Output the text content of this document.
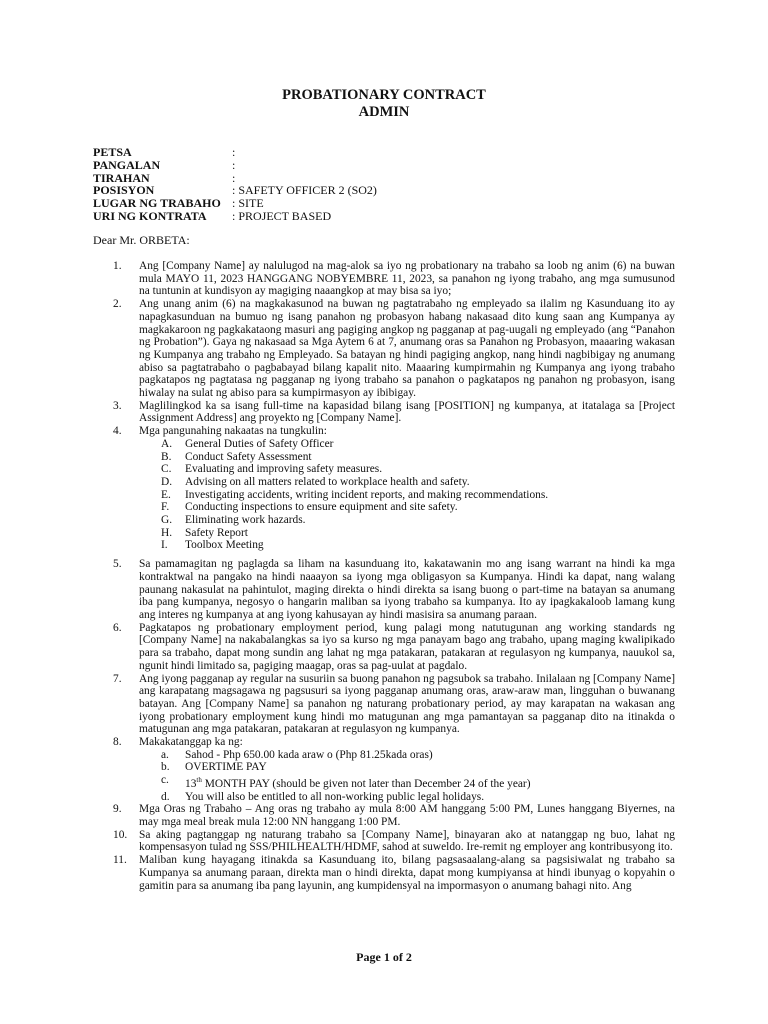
PROBATIONARY CONTRACT
ADMIN
PETSA	:
PANGALAN	:
TIRAHAN	:
POSISYON	: SAFETY OFFICER 2 (SO2)
LUGAR NG TRABAHO : SITE
URI NG KONTRATA	: PROJECT BASED
Dear Mr. ORBETA:
1. Ang [Company Name] ay nalulugod na mag-alok sa iyo ng probationary na trabaho sa loob ng anim (6) na buwan mula MAYO 11, 2023 HANGGANG NOBYEMBRE 11, 2023, sa panahon ng iyong trabaho, ang mga sumusunod na tuntunin at kundisyon ay magiging naaangkop at may bisa sa iyo;
2. Ang unang anim (6) na magkakasunod na buwan ng pagtatrabaho ng empleyado sa ilalim ng Kasunduang ito ay napagkasunduan na bumuo ng isang panahon ng probasyon habang nakasaad dito kung saan ang Kumpanya ay magkakaroon ng pagkakataong masuri ang pagiging angkop ng pagganap at pag-uugali ng empleyado (ang “Panahon ng Probation”). Gaya ng nakasaad sa Mga Aytem 6 at 7, anumang oras sa Panahon ng Probasyon, maaaring wakasan ng Kumpanya ang trabaho ng Empleyado. Sa batayan ng hindi pagiging angkop, nang hindi nagbibigay ng anumang abiso sa pagtatrabaho o pagbabayad bilang kapalit nito. Maaaring kumpirmahin ng Kumpanya ang iyong trabaho pagkatapos ng pagtatasa ng pagganap ng iyong trabaho sa panahon o pagkatapos ng panahon ng probasyon, isang hiwalay na sulat ng abiso para sa kumpirmasyon ay ibibigay.
3. Maglilingkod ka sa isang full-time na kapasidad bilang isang [POSITION] ng kumpanya, at itatalaga sa [Project Assignment Address] ang proyekto ng [Company Name].
4. Mga pangunahing nakaatas na tungkulin:
A. General Duties of Safety Officer
B. Conduct Safety Assessment
C. Evaluating and improving safety measures.
D. Advising on all matters related to workplace health and safety.
E. Investigating accidents, writing incident reports, and making recommendations.
F. Conducting inspections to ensure equipment and site safety.
G. Eliminating work hazards.
H. Safety Report
I. Toolbox Meeting
5. Sa pamamagitan ng paglagda sa liham na kasunduang ito, kakatawanin mo ang isang warrant na hindi ka mga kontraktwal na pangako na hindi naaayon sa iyong mga obligasyon sa Kumpanya. Hindi ka dapat, nang walang paunang nakasulat na pahintulot, maging direkta o hindi direkta sa isang buong o part-time na batayan sa anumang iba pang kumpanya, negosyo o hangarin maliban sa iyong trabaho sa kumpanya. Ito ay ipagkakaloob lamang kung ang interes ng kumpanya at ang iyong kahusayan ay hindi masisira sa anumang paraan.
6. Pagkatapos ng probationary employment period, kung palagi mong natutugunan ang working standards ng [Company Name] na nakabalangkas sa iyo sa kurso ng mga panayam bago ang trabaho, upang maging kwalipikado para sa trabaho, dapat mong sundin ang lahat ng mga patakaran, patakaran at regulasyon ng kumpanya, nauukol sa, ngunit hindi limitado sa, pagiging maagap, oras sa pag-uulat at pagdalo.
7. Ang iyong pagganap ay regular na susuriin sa buong panahon ng pagsubok sa trabaho. Inilalaan ng [Company Name] ang karapatang magsagawa ng pagsusuri sa iyong pagganap anumang oras, araw-araw man, lingguhan o buwanang batayan. Ang [Company Name] sa panahon ng naturang probationary period, ay may karapatan na wakasan ang iyong probationary employment kung hindi mo matugunan ang mga pamantayan sa pagganap dito na itinakda o matugunan ang mga patakaran, patakaran at regulasyon ng kumpanya.
8. Makakatanggap ka ng:
a. Sahod - Php 650.00 kada araw o (Php 81.25kada oras)
b. OVERTIME PAY
c. 13th MONTH PAY (should be given not later than December 24 of the year)
d. You will also be entitled to all non-working public legal holidays.
9. Mga Oras ng Trabaho – Ang oras ng trabaho ay mula 8:00 AM hanggang 5:00 PM, Lunes hanggang Biyernes, na may mga meal break mula 12:00 NN hanggang 1:00 PM.
10. Sa aking pagtanggap ng naturang trabaho sa [Company Name], binayaran ako at natanggap ng buo, lahat ng kompensasyon tulad ng SSS/PHILHEALTH/HDMF, sahod at suweldo. Ire-remit ng employer ang kontribusyong ito.
11. Maliban kung hayagang itinakda sa Kasunduang ito, bilang pagsasaalang-alang sa pagsisiwalat ng trabaho sa Kumpanya sa anumang paraan, direkta man o hindi direkta, dapat mong kumpiyansa at hindi ibunyag o kopyahin o gamitin para sa anumang iba pang layunin, ang kumpidensyal na impormasyon o anumang bahagi nito. Ang
Page 1 of 2
